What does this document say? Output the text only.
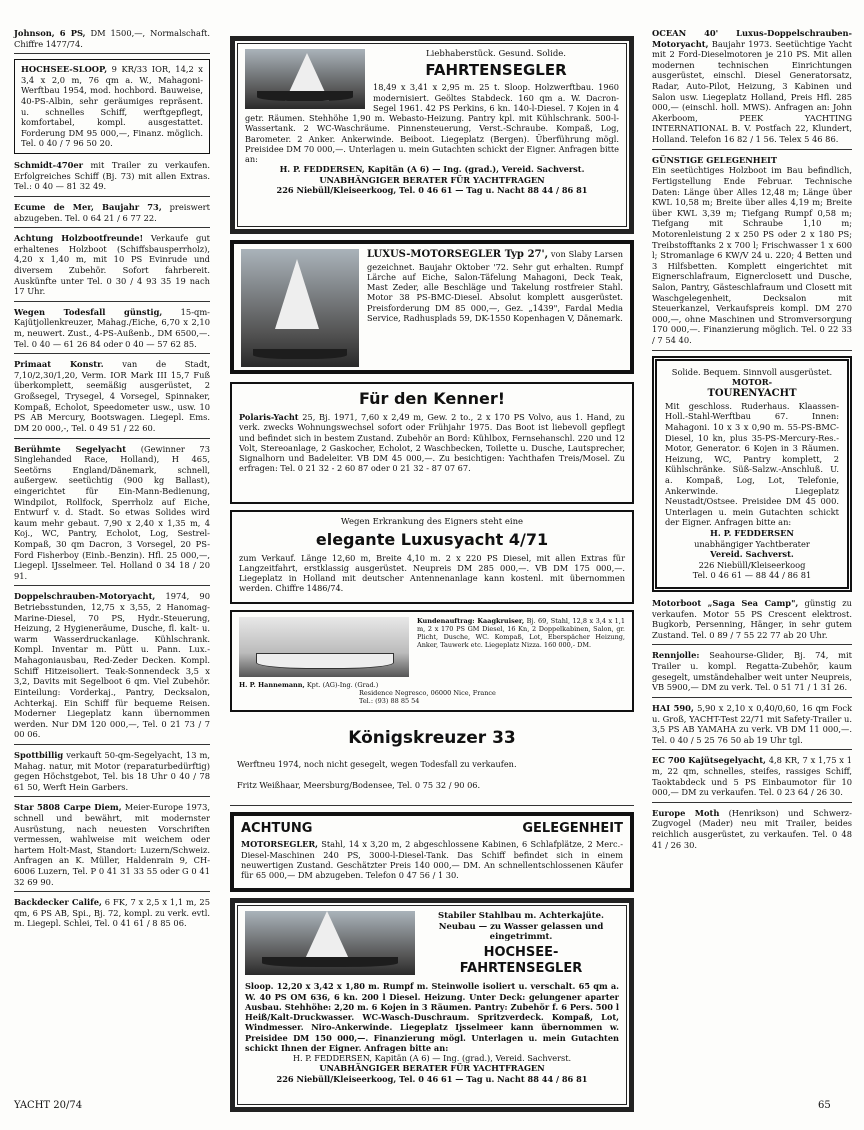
Johnson, 6 PS, DM 1500,—, Normalschaft. Chiffre 1477/74.
HOCHSEE-SLOOP, 9 KR/33 IOR, 14,2 x 3,4 x 2,0 m, 76 qm a. W., Mahagoni-Werftbau 1954, mod. hochbord. Bauweise, 40-PS-Albin, sehr geräumiges repräsent. u. schnelles Schiff, werftgepflegt, komfortabel, kompl. ausgestattet. Forderung DM 95 000,—, Finanz. möglich. Tel. 0 40 / 7 96 50 20.
Schmidt-470er mit Trailer zu verkaufen. Erfolgreiches Schiff (Bj. 73) mit allen Extras. Tel.: 0 40 — 81 32 49.
Ecume de Mer, Baujahr 73, preiswert abzugeben. Tel. 0 64 21 / 6 77 22.
Achtung Holzbootfreunde! Verkaufe gut erhaltenes Holzboot (Schiffsbausperrholz), 4,20 x 1,40 m, mit 10 PS Evinrude und diversem Zubehör. Sofort fahrbereit. Auskünfte unter Tel. 0 30 / 4 93 35 19 nach 17 Uhr.
Wegen Todesfall günstig, 15-qm-Kajütjollenkreuzer, Mahag./Eiche, 6,70 x 2,10 m, neuwert. Zust., 4-PS-Außenb., DM 6500,—. Tel. 0 40 — 61 26 84 oder 0 40 — 57 62 85.
Primaat Konstr. van de Stadt, 7,10/2,30/1,20, Verm. IOR Mark III 15,7 Fuß überkomplett, seemäßig ausgerüstet, 2 Großsegel, Trysegel, 4 Vorsegel, Spinnaker, Kompaß, Echolot, Speedometer usw., usw. 10 PS AB Mercury, Bootswagen. Liegepl. Ems. DM 20 000,-, Tel. 0 49 51 / 22 60.
Berühmte Segelyacht (Gewinner 73 Singlehanded Race, Holland), H 465, Seetörns England/Dänemark, schnell, außergew. seetüchtig (900 kg Ballast), eingerichtet für Ein-Mann-Bedienung, Windpilot, Rollfock, Sperrholz auf Eiche, Entwurf v. d. Stadt. So etwas Solides wird kaum mehr gebaut. 7,90 x 2,40 x 1,35 m, 4 Koj., WC, Pantry, Echolot, Log, Sestrel-Kompaß, 30 qm Dacron, 3 Vorsegel, 20 PS-Ford Fisherboy (Einb.-Benzin). Hfl. 25 000,—, Liegepl. IJsselmeer. Tel. Holland 0 34 18 / 20 91.
Doppelschrauben-Motoryacht, 1974, 90 Betriebsstunden, 12,75 x 3,55, 2 Hanomag-Marine-Diesel, 70 PS, Hydr.-Steuerung, Heizung, 2 Hygieneräume, Dusche, fl. kalt- u. warm Wasserdruckanlage. Kühlschrank. Kompl. Inventar m. Pütt u. Pann. Lux.-Mahagoniausbau, Red-Zeder Decken. Kompl. Schiff Hitzeisoliert. Teak-Sonnendeck 3,5 x 3,2, Davits mit Segelboot 6 qm. Viel Zubehör. Einteilung: Vorderkaj., Pantry, Decksalon, Achterkaj. Ein Schiff für bequeme Reisen. Moderner Liegeplatz kann übernommen werden. Nur DM 120 000,—, Tel. 0 21 73 / 7 00 06.
Spottbillig verkauft 50-qm-Segelyacht, 13 m, Mahag. natur, mit Motor (reparaturbedürftig) gegen Höchstgebot, Tel. bis 18 Uhr 0 40 / 78 61 50, Werft Hein Garbers.
Star 5808 Carpe Diem, Meier-Europe 1973, schnell und bewährt, mit modernster Ausrüstung, nach neuesten Vorschriften vermessen, wahlweise mit weichem oder hartem Holt-Mast, Standort: Luzern/Schweiz. Anfragen an K. Müller, Haldenrain 9, CH-6006 Luzern, Tel. P 0 41 31 33 55 oder G 0 41 32 69 90.
Backdecker Calife, 6 FK, 7 x 2,5 x 1,1 m, 25 qm, 6 PS AB, Spi., Bj. 72, kompl. zu verk. evtl. m. Liegepl. Schlei, Tel. 0 41 61 / 8 85 06.
Liebhaberstück. Gesund. Solide.
FAHRTENSEGLER
18,49 x 3,41 x 2,95 m. 25 t. Sloop. Holzwerftbau. 1960 modernisiert. Geöltes Stabdeck. 160 qm a. W. Dacron-Segel 1961. 42 PS Perkins, 6 kn. 140-l-Diesel. 7 Kojen in 4 getr. Räumen. Stehhöhe 1,90 m. Webasto-Heizung. Pantry kpl. mit Kühlschrank. 500-l-Wassertank. 2 WC-Waschräume. Pinnensteuerung, Verst.-Schraube. Kompaß, Log, Barometer. 2 Anker. Ankerwinde. Beiboot. Liegeplatz (Bergen). Überführung mögl. Preisidee DM 70 000,—. Unterlagen u. mein Gutachten schickt der Eigner. Anfragen bitte an:
H. P. FEDDERSEN, Kapitän (A 6) — Ing. (grad.), Vereid. Sachverst.
UNABHÄNGIGER BERATER FÜR YACHTFRAGEN
226 Niebüll/Kleiseerkoog, Tel. 0 46 61 — Tag u. Nacht 88 44 / 86 81
LUXUS-MOTORSEGLER Typ 27', von Slaby Larsen gezeichnet. Baujahr Oktober '72. Sehr gut erhalten. Rumpf Lärche auf Eiche, Salon-Täfelung Mahagoni, Deck Teak, Mast Zeder, alle Beschläge und Takelung rostfreier Stahl. Motor 38 PS-BMC-Diesel. Absolut komplett ausgerüstet. Preisforderung DM 85 000,—, Gez. „1439", Fardal Media Service, Radhusplads 59, DK-1550 Kopenhagen V, Dänemark.
Für den Kenner!
Polaris-Yacht 25, Bj. 1971, 7,60 x 2,49 m, Gew. 2 to., 2 x 170 PS Volvo, aus 1. Hand, zu verk. zwecks Wohnungswechsel sofort oder Frühjahr 1975. Das Boot ist liebevoll gepflegt und befindet sich in bestem Zustand. Zubehör an Bord: Kühlbox, Fernsehanschl. 220 und 12 Volt, Stereoanlage, 2 Gaskocher, Echolot, 2 Waschbecken, Toilette u. Dusche, Lautsprecher, Signalhorn und Badeleiter. VB DM 45 000,—. Zu besichtigen: Yachthafen Treis/Mosel. Zu erfragen: Tel. 0 21 32 - 2 60 87 oder 0 21 32 - 87 07 67.
Wegen Erkrankung des Eigners steht eine
elegante Luxusyacht 4/71
zum Verkauf. Länge 12,60 m, Breite 4,10 m. 2 x 220 PS Diesel, mit allen Extras für Langzeitfahrt, erstklassig ausgerüstet. Neupreis DM 285 000,—. VB DM 175 000,—. Liegeplatz in Holland mit deutscher Antennenanlage kann kostenl. mit übernommen werden. Chiffre 1486/74.
Kundenauftrag: Kaagkruiser, Bj. 69, Stahl, 12,8 x 3,4 x 1,1 m, 2 x 170 PS GM Diesel, 16 Kn, 2 Doppelkabinen, Salon, gr. Plicht, Dusche, WC. Kompaß, Lot, Eberspächer Heizung, Anker, Tauwerk etc. Liegeplatz Nizza. 160 000,- DM.
H. P. Hannemann, Kpt. (AG)-Ing. (Grad.)
Residence Negresco, 06000 Nice, France
Tel.: (93) 88 85 54
Königskreuzer 33
Werftneu 1974, noch nicht gesegelt, wegen Todesfall zu verkaufen.
Fritz Weißhaar, Meersburg/Bodensee, Tel. 0 75 32 / 90 06.
ACHTUNG	GELEGENHEIT
MOTORSEGLER, Stahl, 14 x 3,20 m, 2 abgeschlossene Kabinen, 6 Schlafplätze, 2 Merc.-Diesel-Maschinen 240 PS, 3000-l-Diesel-Tank. Das Schiff befindet sich in einem neuwertigen Zustand. Geschätzter Preis 140 000,— DM. An schnellentschlossenen Käufer für 65 000,— DM abzugeben. Telefon 0 47 56 / 1 30.
Stabiler Stahlbau m. Achterkajüte. Neubau — zu Wasser gelassen und eingetrimmt.
HOCHSEE-FAHRTENSEGLER
Sloop. 12,20 x 3,42 x 1,80 m. Rumpf m. Steinwolle isoliert u. verschalt. 65 qm a. W. 40 PS OM 636, 6 kn. 200 l Diesel. Heizung. Unter Deck: gelungener aparter Ausbau. Stehhöhe: 2,20 m. 6 Kojen in 3 Räumen. Pantry: Zubehör f. 6 Pers. 500 l Heiß/Kalt-Druckwasser. WC-Wasch-Duschraum. Spritzverdeck. Kompaß, Lot, Windmesser. Niro-Ankerwinde. Liegeplatz Ijsselmeer kann übernommen w. Preisidee DM 150 000,—. Finanzierung mögl. Unterlagen u. mein Gutachten schickt Ihnen der Eigner. Anfragen bitte an:
H. P. FEDDERSEN, Kapitän (A 6) — Ing. (grad.), Vereid. Sachverst.
UNABHÄNGIGER BERATER FÜR YACHTFRAGEN
226 Niebüll/Kleiseerkoog, Tel. 0 46 61 — Tag u. Nacht 88 44 / 86 81
OCEAN 40' Luxus-Doppelschrauben-Motoryacht, Baujahr 1973. Seetüchtige Yacht mit 2 Ford-Dieselmotoren je 210 PS. Mit allen modernen technischen Einrichtungen ausgerüstet, einschl. Diesel Generatorsatz, Radar, Auto-Pilot, Heizung, 3 Kabinen und Salon usw. Liegeplatz Holland, Preis Hfl. 285 000,— (einschl. holl. MWS). Anfragen an: John Akerboom, PEEK YACHTING INTERNATIONAL B. V. Postfach 22, Klundert, Holland. Telefon 16 82 / 1 56. Telex 5 46 86.
GÜNSTIGE GELEGENHEIT
Ein seetüchtiges Holzboot im Bau befindlich, Fertigstellung Ende Februar. Technische Daten: Länge über Alles 12,48 m; Länge über KWL 10,58 m; Breite über alles 4,19 m; Breite über KWL 3,39 m; Tiefgang Rumpf 0,58 m; Tiefgang mit Schraube 1,10 m; Motorenleistung 2 x 250 PS oder 2 x 180 PS; Treibstofftanks 2 x 700 l; Frischwasser 1 x 600 l; Stromanlage 6 KW/V 24 u. 220; 4 Betten und 3 Hilfsbetten. Komplett eingerichtet mit Eignerschlafraum, Eignerclosett und Dusche, Salon, Pantry, Gästeschlafraum und Closett mit Waschgelegenheit, Decksalon mit Steuerkanzel, Verkaufspreis kompl. DM 270 000,—, ohne Maschinen und Stromversorgung 170 000,—. Finanzierung möglich. Tel. 0 22 33 / 7 54 40.
Solide. Bequem. Sinnvoll ausgerüstet.
MOTOR-
TOURENYACHT
Mit geschloss. Ruderhaus. Klaassen-Holl.-Stahl-Werftbau 67. Innen: Mahagoni. 10 x 3 x 0,90 m. 55-PS-BMC-Diesel, 10 kn, plus 35-PS-Mercury-Res.-Motor, Generator. 6 Kojen in 3 Räumen. Heizung, WC, Pantry komplett, 2 Kühlschränke. Süß-Salzw.-Anschluß. U. a. Kompaß, Log, Lot, Telefonie, Ankerwinde. Liegeplatz Neustadt/Ostsee. Preisidee DM 45 000. Unterlagen u. mein Gutachten schickt der Eigner. Anfragen bitte an:
H. P. FEDDERSEN
unabhängiger Yachtberater
Vereid. Sachverst.
226 Niebüll/Kleiseerkoog
Tel. 0 46 61 — 88 44 / 86 81
Motorboot „Saga Sea Camp", günstig zu verkaufen. Motor 55 PS Crescent elektrost. Bugkorb, Persenning, Hänger, in sehr gutem Zustand. Tel. 0 89 / 7 55 22 77 ab 20 Uhr.
Rennjolle: Seahourse-Glider, Bj. 74, mit Trailer u. kompl. Regatta-Zubehör, kaum gesegelt, umständehalber weit unter Neupreis, VB 5900,— DM zu verk. Tel. 0 51 71 / 1 31 26.
HAI 590, 5,90 x 2,10 x 0,40/0,60, 16 qm Fock u. Groß, YACHT-Test 22/71 mit Safety-Trailer u. 3,5 PS AB YAMAHA zu verk. VB DM 11 000,—. Tel. 0 40 / 5 25 76 50 ab 19 Uhr tgl.
EC 700 Kajütsegelyacht, 4,8 KR, 7 x 1,75 x 1 m, 22 qm, schnelles, steifes, rassiges Schiff, Taoktabdeck und 5 PS Einbaumotor für 10 000,— DM zu verkaufen. Tel. 0 23 64 / 26 30.
Europe Moth (Henrikson) und Schwerz-Zugvogel (Mader) neu mit Trailer, beides reichlich ausgerüstet, zu verkaufen. Tel. 0 48 41 / 26 30.
YACHT 20/74	65
